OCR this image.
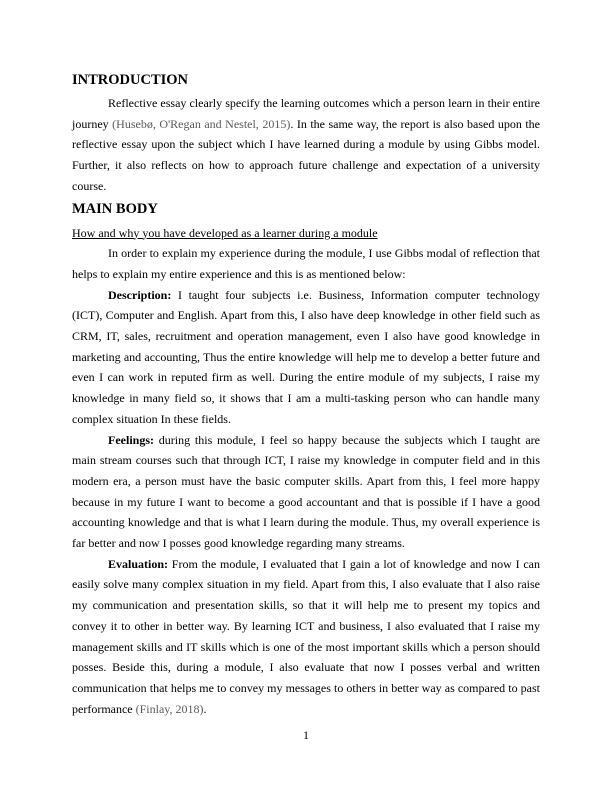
INTRODUCTION

Reflective essay clearly specify the learning outcomes which a person learn in their entire journey (Husebø, O'Regan and Nestel, 2015). In the same way, the report is also based upon the reflective essay upon the subject which I have learned during a module by using Gibbs model. Further, it also reflects on how to approach future challenge and expectation of a university course.

MAIN BODY
How and why you have developed as a learner during a module

In order to explain my experience during the module, I use Gibbs modal of reflection that helps to explain my entire experience and this is as mentioned below:

Description: I taught four subjects i.e. Business, Information computer technology (ICT), Computer and English. Apart from this, I also have deep knowledge in other field such as CRM, IT, sales, recruitment and operation management, even I also have good knowledge in marketing and accounting, Thus the entire knowledge will help me to develop a better future and even I can work in reputed firm as well. During the entire module of my subjects, I raise my knowledge in many field so, it shows that I am a multi-tasking person who can handle many complex situation In these fields.

Feelings: during this module, I feel so happy because the subjects which I taught are main stream courses such that through ICT, I raise my knowledge in computer field and in this modern era, a person must have the basic computer skills. Apart from this, I feel more happy because in my future I want to become a good accountant and that is possible if I have a good accounting knowledge and that is what I learn during the module. Thus, my overall experience is far better and now I posses good knowledge regarding many streams.

Evaluation: From the module, I evaluated that I gain a lot of knowledge and now I can easily solve many complex situation in my field. Apart from this, I also evaluate that I also raise my communication and presentation skills, so that it will help me to present my topics and convey it to other in better way. By learning ICT and business, I also evaluated that I raise my management skills and IT skills which is one of the most important skills which a person should posses. Beside this, during a module, I also evaluate that now I posses verbal and written communication that helps me to convey my messages to others in better way as compared to past performance (Finlay, 2018).

1
